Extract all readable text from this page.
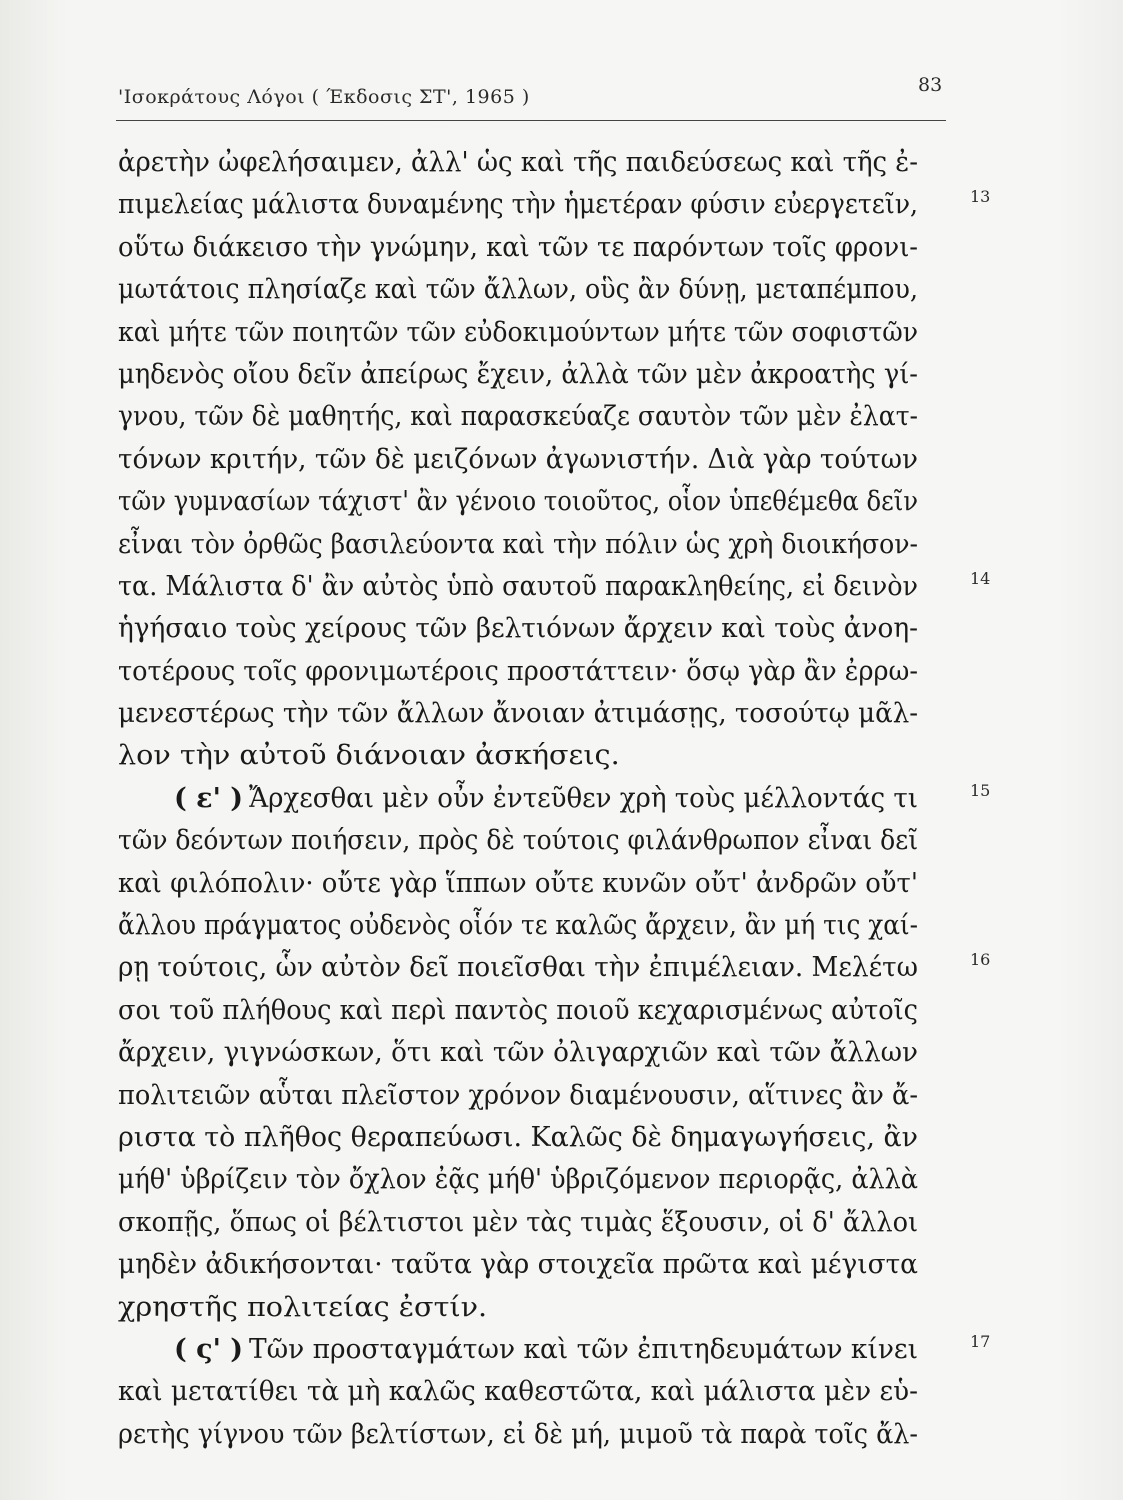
'Ισοκράτους Λόγοι ( Έκδοσις ΣΤ', 1965 )
83
ἀρετὴν ὠφελήσαιμεν, ἀλλ' ὡς καὶ τῆς παιδεύσεως καὶ τῆς ἐ-
πιμελείας μάλιστα δυναμένης τὴν ἡμετέραν φύσιν εὐεργετεῖν,	13
οὕτω διάκεισο τὴν γνώμην, καὶ τῶν τε παρόντων τοῖς φρονι-
μωτάτοις πλησίαζε καὶ τῶν ἄλλων, οὓς ἂν δύνῃ, μεταπέμπου,
καὶ μήτε τῶν ποιητῶν τῶν εὐδοκιμούντων μήτε τῶν σοφιστῶν
μηδενὸς οἴου δεῖν ἀπείρως ἔχειν, ἀλλὰ τῶν μὲν ἀκροατὴς γί-
γνου, τῶν δὲ μαθητής, καὶ παρασκεύαζε σαυτὸν τῶν μὲν ἐλατ-
τόνων κριτήν, τῶν δὲ μειζόνων ἀγωνιστήν. Διὰ γὰρ τούτων
τῶν γυμνασίων τάχιστ' ἂν γένοιο τοιοῦτος, οἷον ὑπεθέμεθα δεῖν
εἶναι τὸν ὀρθῶς βασιλεύοντα καὶ τὴν πόλιν ὡς χρὴ διοικήσον-
τα. Μάλιστα δ' ἂν αὐτὸς ὑπὸ σαυτοῦ παρακληθείης, εἰ δεινὸν	14
ἡγήσαιο τοὺς χείρους τῶν βελτιόνων ἄρχειν καὶ τοὺς ἀνοη-
τοτέρους τοῖς φρονιμωτέροις προστάττειν· ὅσῳ γὰρ ἂν ἐρρω-
μενεστέρως τὴν τῶν ἄλλων ἄνοιαν ἀτιμάσῃς, τοσούτῳ μᾶλ-
λον τὴν αὐτοῦ διάνοιαν ἀσκήσεις.
( ε' ) Ἄρχεσθαι μὲν οὖν ἐντεῦθεν χρὴ τοὺς μέλλοντάς τι	15
τῶν δεόντων ποιήσειν, πρὸς δὲ τούτοις φιλάνθρωπον εἶναι δεῖ
καὶ φιλόπολιν· οὔτε γὰρ ἵππων οὔτε κυνῶν οὔτ' ἀνδρῶν οὔτ'
ἄλλου πράγματος οὐδενὸς οἷόν τε καλῶς ἄρχειν, ἂν μή τις χαί-
ρῃ τούτοις, ὧν αὐτὸν δεῖ ποιεῖσθαι τὴν ἐπιμέλειαν. Μελέτω	16
σοι τοῦ πλήθους καὶ περὶ παντὸς ποιοῦ κεχαρισμένως αὐτοῖς
ἄρχειν, γιγνώσκων, ὅτι καὶ τῶν ὀλιγαρχιῶν καὶ τῶν ἄλλων
πολιτειῶν αὗται πλεῖστον χρόνον διαμένουσιν, αἵτινες ἂν ἄ-
ριστα τὸ πλῆθος θεραπεύωσι. Καλῶς δὲ δημαγωγήσεις, ἂν
μήθ' ὑβρίζειν τὸν ὄχλον ἐᾷς μήθ' ὑβριζόμενον περιορᾷς, ἀλλὰ
σκοπῇς, ὅπως οἱ βέλτιστοι μὲν τὰς τιμὰς ἕξουσιν, οἱ δ' ἄλλοι
μηδὲν ἀδικήσονται· ταῦτα γὰρ στοιχεῖα πρῶτα καὶ μέγιστα
χρηστῆς πολιτείας ἐστίν.
( ς' ) Τῶν προσταγμάτων καὶ τῶν ἐπιτηδευμάτων κίνει	17
καὶ μετατίθει τὰ μὴ καλῶς καθεστῶτα, καὶ μάλιστα μὲν εὑ-
ρετὴς γίγνου τῶν βελτίστων, εἰ δὲ μή, μιμοῦ τὰ παρὰ τοῖς ἄλ-
